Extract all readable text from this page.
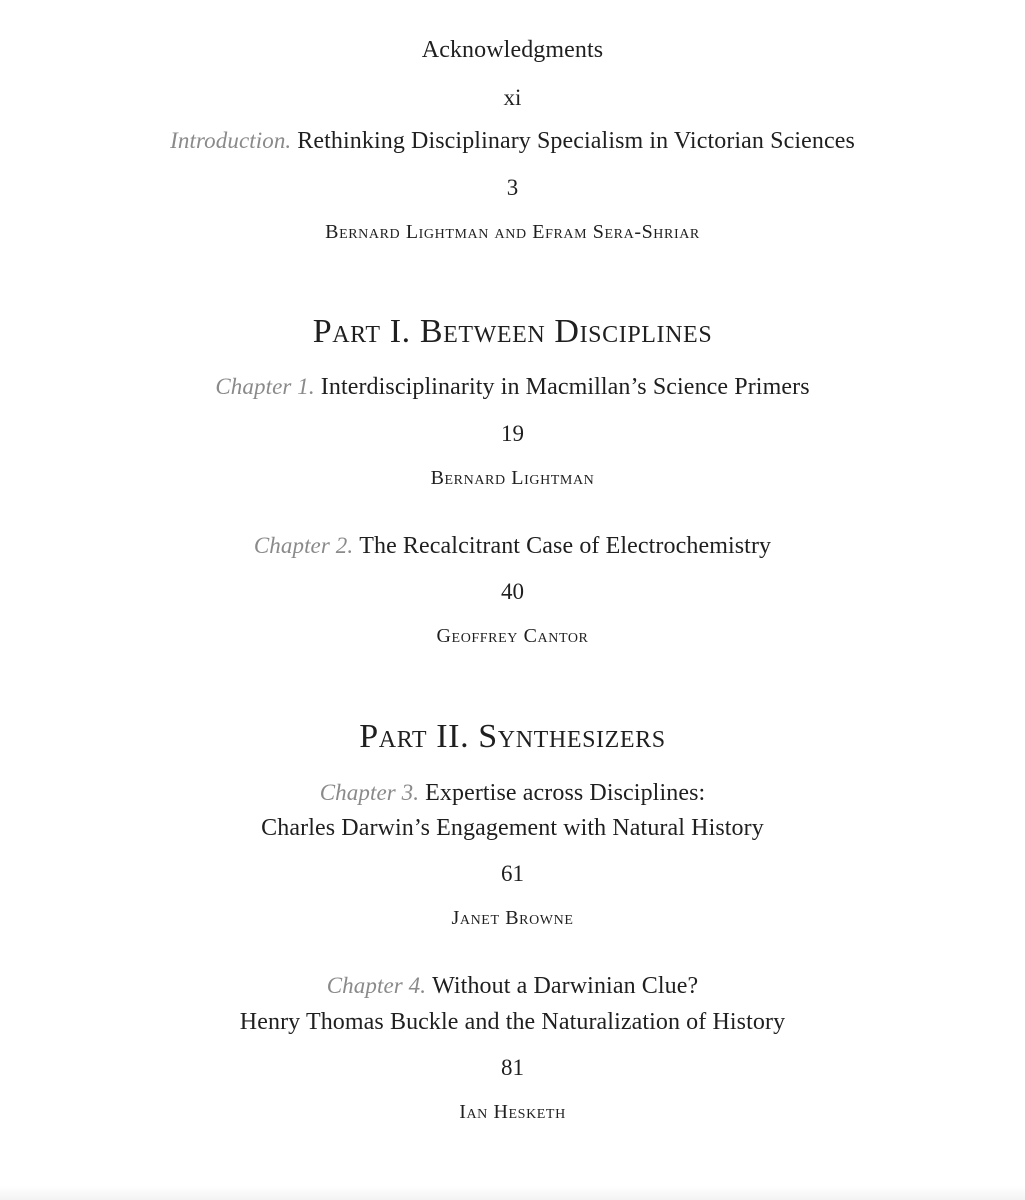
Acknowledgments
xi
Introduction. Rethinking Disciplinary Specialism in Victorian Sciences
3
Bernard Lightman and Efram Sera-Shriar
Part I. Between Disciplines
Chapter 1. Interdisciplinarity in Macmillan’s Science Primers
19
Bernard Lightman
Chapter 2. The Recalcitrant Case of Electrochemistry
40
Geoffrey Cantor
Part II. Synthesizers
Chapter 3. Expertise across Disciplines:
Charles Darwin’s Engagement with Natural History
61
Janet Browne
Chapter 4. Without a Darwinian Clue?
Henry Thomas Buckle and the Naturalization of History
81
Ian Hesketh
